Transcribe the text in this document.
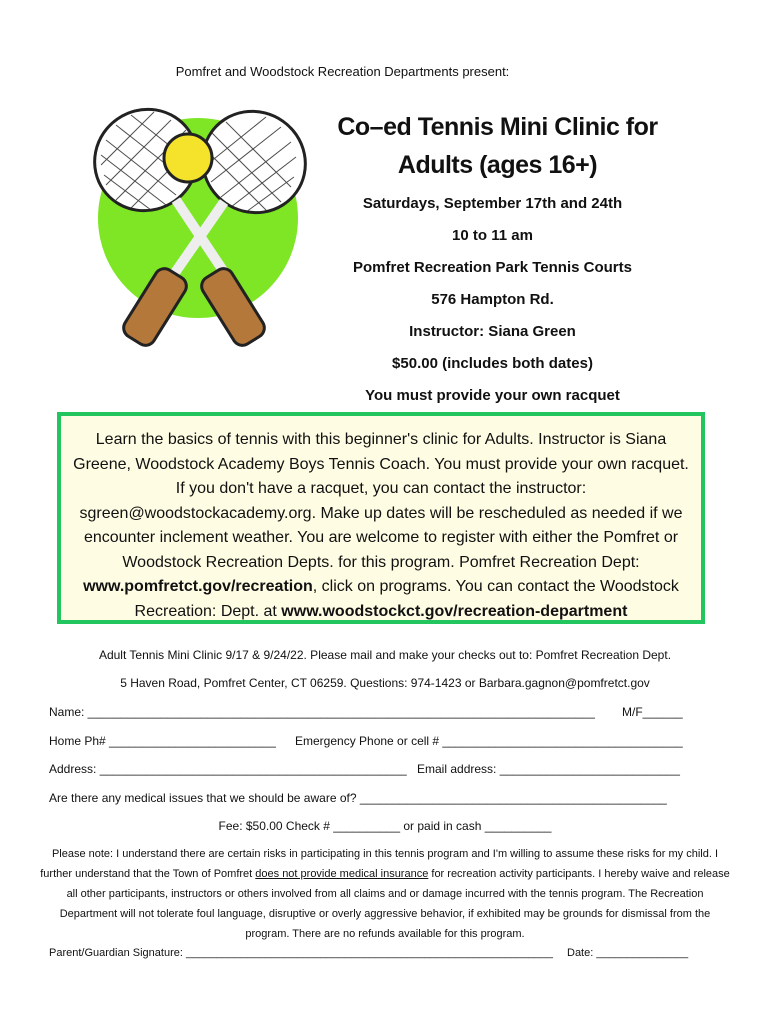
Pomfret and Woodstock Recreation Departments present:
Co–ed Tennis Mini Clinic for
Adults (ages 16+)
Saturdays, September 17th and 24th
10 to 11 am
Pomfret Recreation Park Tennis Courts
576 Hampton Rd.
Instructor: Siana Green
$50.00 (includes both dates)
You must provide your own racquet
Learn the basics of tennis with this beginner's clinic for Adults. Instructor is Siana Greene, Woodstock Academy Boys Tennis Coach. You must provide your own racquet. If you don't have a racquet, you can contact the instructor: sgreen@woodstockacademy.org. Make up dates will be rescheduled as needed if we encounter inclement weather. You are welcome to register with either the Pomfret or Woodstock Recreation Depts. for this program. Pomfret Recreation Dept: www.pomfretct.gov/recreation, click on programs. You can contact the Woodstock Recreation: Dept. at www.woodstockct.gov/recreation-department
Adult Tennis Mini Clinic 9/17 & 9/24/22. Please mail and make your checks out to: Pomfret Recreation Dept.
5 Haven Road, Pomfret Center, CT 06259. Questions: 974-1423 or Barbara.gagnon@pomfretct.gov
Name: ____________________________________________________________________________ M/F______
Home Ph# _________________________ Emergency Phone or cell # ____________________________________
Address: ______________________________________________ Email address: ___________________________
Are there any medical issues that we should be aware of? ______________________________________________
Fee: $50.00 Check # __________ or paid in cash __________
Please note: I understand there are certain risks in participating in this tennis program and I'm willing to assume these risks for my child. I further understand that the Town of Pomfret does not provide medical insurance for recreation activity participants. I hereby waive and release all other participants, instructors or others involved from all claims and or damage incurred with the tennis program. The Recreation Department will not tolerate foul language, disruptive or overly aggressive behavior, if exhibited may be grounds for dismissal from the program. There are no refunds available for this program.
Parent/Guardian Signature: ____________________________________________________________ Date: _______________
